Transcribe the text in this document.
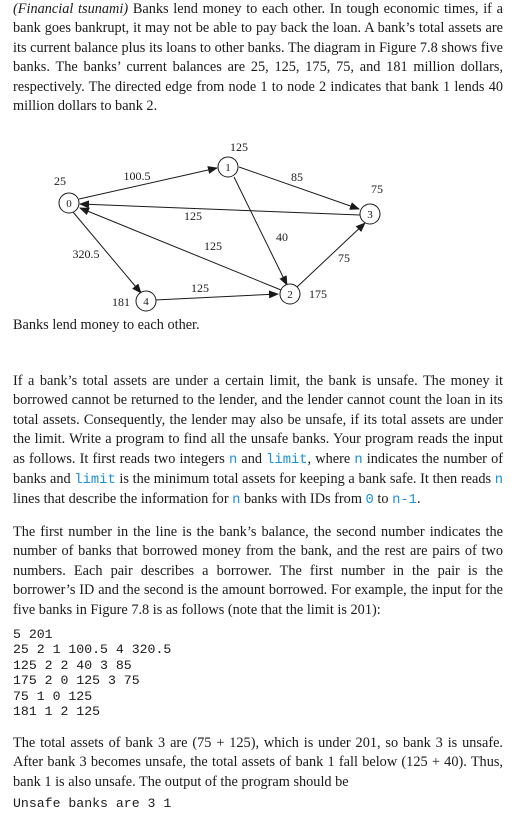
(Financial tsunami) Banks lend money to each other. In tough economic times, if a bank goes bankrupt, it may not be able to pay back the loan. A bank’s total assets are its current balance plus its loans to other banks. The diagram in Figure 7.8 shows five banks. The banks’ current balances are 25, 125, 175, 75, and 181 million dollars, respectively. The directed edge from node 1 to node 2 indicates that bank 1 lends 40 million dollars to bank 2.
0
1
2
3
4
25
125
175
75
181
100.5
320.5
40
85
125
75
125
125
Banks lend money to each other.
If a bank’s total assets are under a certain limit, the bank is unsafe. The money it borrowed cannot be returned to the lender, and the lender cannot count the loan in its total assets. Consequently, the lender may also be unsafe, if its total assets are under the limit. Write a program to find all the unsafe banks. Your program reads the input as follows. It first reads two integers n and limit, where n indicates the number of banks and limit is the minimum total assets for keeping a bank safe. It then reads n lines that describe the information for n banks with IDs from 0 to n-1.
The first number in the line is the bank’s balance, the second number indicates the number of banks that borrowed money from the bank, and the rest are pairs of two numbers. Each pair describes a borrower. The first number in the pair is the borrower’s ID and the second is the amount borrowed. For example, the input for the five banks in Figure 7.8 is as follows (note that the limit is 201):
5 201
25 2 1 100.5 4 320.5
125 2 2 40 3 85
175 2 0 125 3 75
75 1 0 125
181 1 2 125
The total assets of bank 3 are (75 + 125), which is under 201, so bank 3 is unsafe. After bank 3 becomes unsafe, the total assets of bank 1 fall below (125 + 40). Thus, bank 1 is also unsafe. The output of the program should be
Unsafe banks are 3 1
